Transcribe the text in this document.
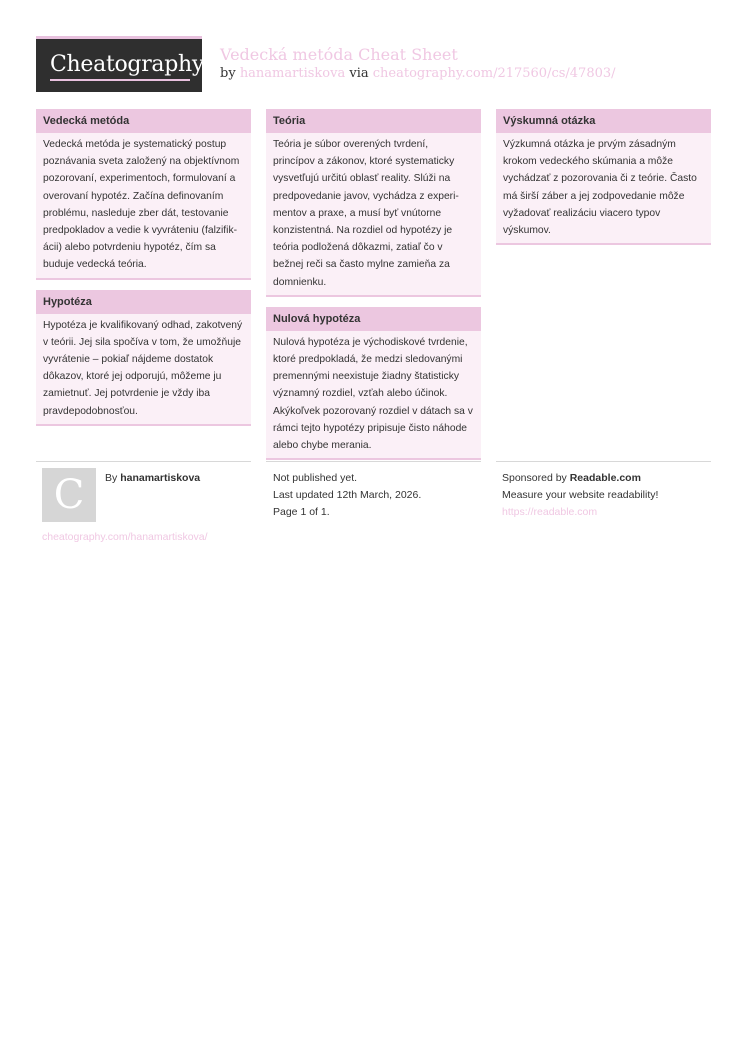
Cheatography Vedecká metóda Cheat Sheet
by hanamartiskova via cheatography.com/217560/cs/47803/
Vedecká metóda
Vedecká metóda je systematický postup
poznávania sveta založený na objektívnom
pozorovaní, experimentoch, formulovaní a
overovaní hypotéz. Začína definovaním
problému, nasleduje zber dát, testovanie
predpokladov a vedie k vyvráteniu (falzifik-
ácii) alebo potvrdeniu hypotéz, čím sa
buduje vedecká teória.
Hypotéza
Hypotéza je kvalifikovaný odhad, zakotvený
v teórii. Jej sila spočíva v tom, že umožňuje
vyvrátenie – pokiaľ nájdeme dostatok
dôkazov, ktoré jej odporujú, môžeme ju
zamietnuť. Jej potvrdenie je vždy iba
pravdepodobnosťou.
Teória
Teória je súbor overených tvrdení,
princípov a zákonov, ktoré systematicky
vysvetľujú určitú oblasť reality. Slúži na
predpovedanie javov, vychádza z experi-
mentov a praxe, a musí byť vnútorne
konzistentná. Na rozdiel od hypotézy je
teória podložená dôkazmi, zatiaľ čo v
bežnej reči sa často mylne zamieňa za
domnienku.
Nulová hypotéza
Nulová hypotéza je východiskové tvrdenie,
ktoré predpokladá, že medzi sledovanými
premennými neexistuje žiadny štatisticky
významný rozdiel, vzťah alebo účinok.
Akýkoľvek pozorovaný rozdiel v dátach sa v
rámci tejto hypotézy pripisuje čisto náhode
alebo chybe merania.
Výskumná otázka
Výzkumná otázka je prvým zásadným
krokom vedeckého skúmania a môže
vychádzať z pozorovania či z teórie. Často
má širší záber a jej zodpovedanie môže
vyžadovať realizáciu viacero typov
výskumov.
C	By hanamartiskova
cheatography.com/hanamartiskova/
Not published yet.
Last updated 12th March, 2026.
Page 1 of 1.
Sponsored by Readable.com
Measure your website readability!
https://readable.com
